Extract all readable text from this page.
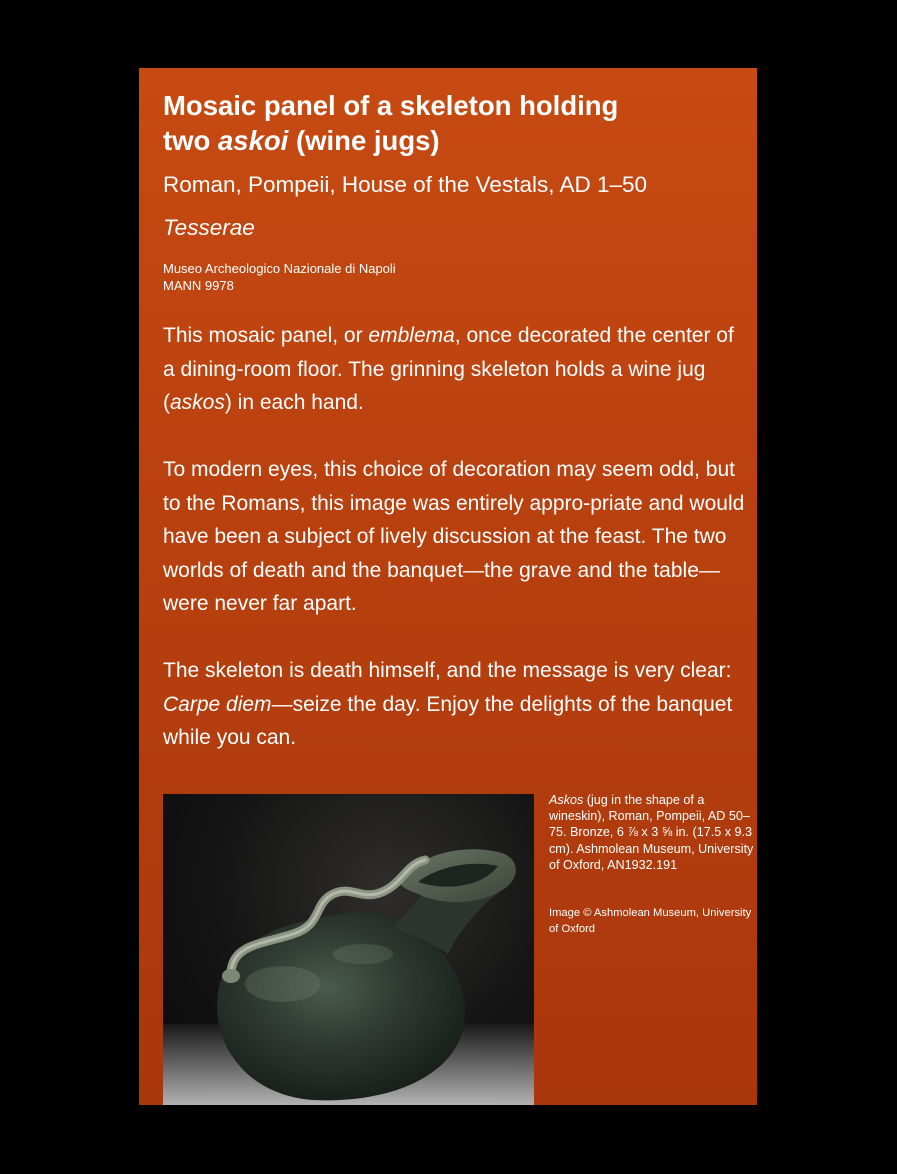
Mosaic panel of a skeleton holding
two askoi (wine jugs)

Roman, Pompeii, House of the Vestals, AD 1–50

Tesserae

Museo Archeologico Nazionale di Napoli
MANN 9978

This mosaic panel, or emblema, once decorated the center of a dining-room floor. The grinning skeleton holds a wine jug (askos) in each hand.

To modern eyes, this choice of decoration may seem odd, but to the Romans, this image was entirely appro-priate and would have been a subject of lively discussion at the feast. The two worlds of death and the banquet—the grave and the table—were never far apart.

The skeleton is death himself, and the message is very clear: Carpe diem—seize the day. Enjoy the delights of the banquet while you can.

Askos (jug in the shape of a wineskin), Roman, Pompeii, AD 50–75. Bronze, 6 ⅞ x 3 ⅝ in. (17.5 x 9.3 cm). Ashmolean Museum, University of Oxford, AN1932.191

Image © Ashmolean Museum, University of Oxford
